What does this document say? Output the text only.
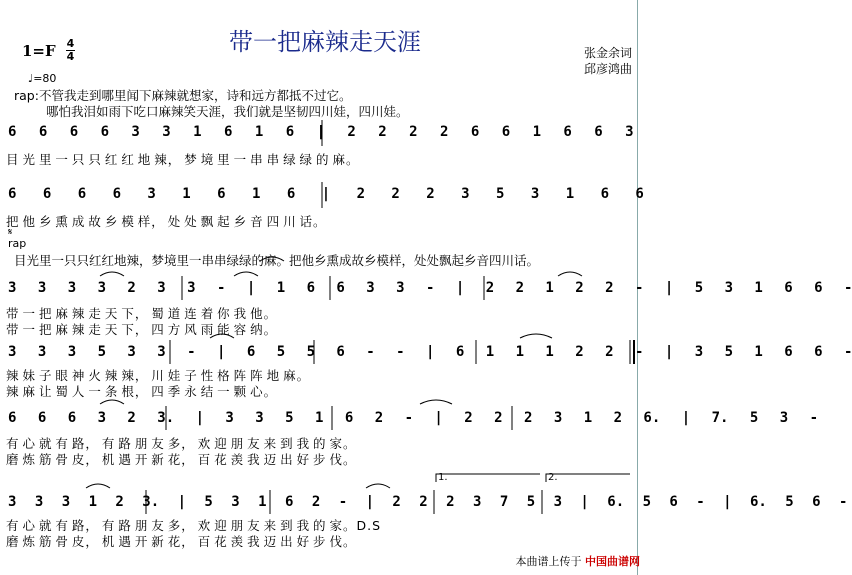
带一把麻辣走天涯
1=F 4
4
♩=80
张金余词
邱彦鸿曲
rap:不管我走到哪里闻下麻辣就想家，诗和远方都抵不过它。
哪怕我泪如雨下吃口麻辣笑天涯，我们就是坚韧四川娃，四川娃。
6 6 6 6 3 3 1 6 1 6 | 2 2 2 2 6 6 1 6 6 3
目 光 里 一 只 只 红 红 地 辣， 梦 境 里 一 串 串 绿 绿 的 麻。
6 6 6 6 3 1 6 1 6 | 2 2 2 3 5 3 1 6 6
把 他 乡 熏 成 故 乡 模 样， 处 处 飘 起 乡 音 四 川 话。
𝄋
rap
目光里一只只红红地辣，梦境里一串串绿绿的麻。把他乡熏成故乡模样，处处飘起乡音四川话。
3 3 3 3 2 3 3 - | 1 6 6 3 3 - | 2 2 1 2 2 - | 5 3 1 6 6 -
带 一 把 麻 辣 走 天 下， 蜀 道 连 着 你 我 他。
带 一 把 麻 辣 走 天 下， 四 方 风 雨 能 容 纳。
3 3 3 5 3 3 - | 6 5 5 6 - - | 6 1 1 1 2 2 - | 3 5 1 6 6 -
辣 妹 子 眼 神 火 辣 辣， 川 娃 子 性 格 阵 阵 地 麻。
辣 麻 让 蜀 人 一 条 根， 四 季 永 结 一 颗 心。
6 6 6 3 2 3. | 3 3 5 1 6 2 - | 2 2 2 3 1 2 6. | 7. 5 3 -
有 心 就 有 路， 有 路 朋 友 多， 欢 迎 朋 友 来 到 我 的 家。
磨 炼 筋 骨 皮， 机 遇 开 新 花， 百 花 羡 我 迈 出 好 步 伐。
1.	2.
3 3 3 1 2 3. | 5 3 1 6 2 - | 2 2 2 3 7 5 3 | 6. 5 6 - | 6. 5 6 -
有 心 就 有 路， 有 路 朋 友 多， 欢 迎 朋 友 来 到 我 的 家。D.S
磨 炼 筋 骨 皮， 机 遇 开 新 花， 百 花 羡 我 迈 出 好 步 伐。
本曲谱上传于 中国曲谱网
